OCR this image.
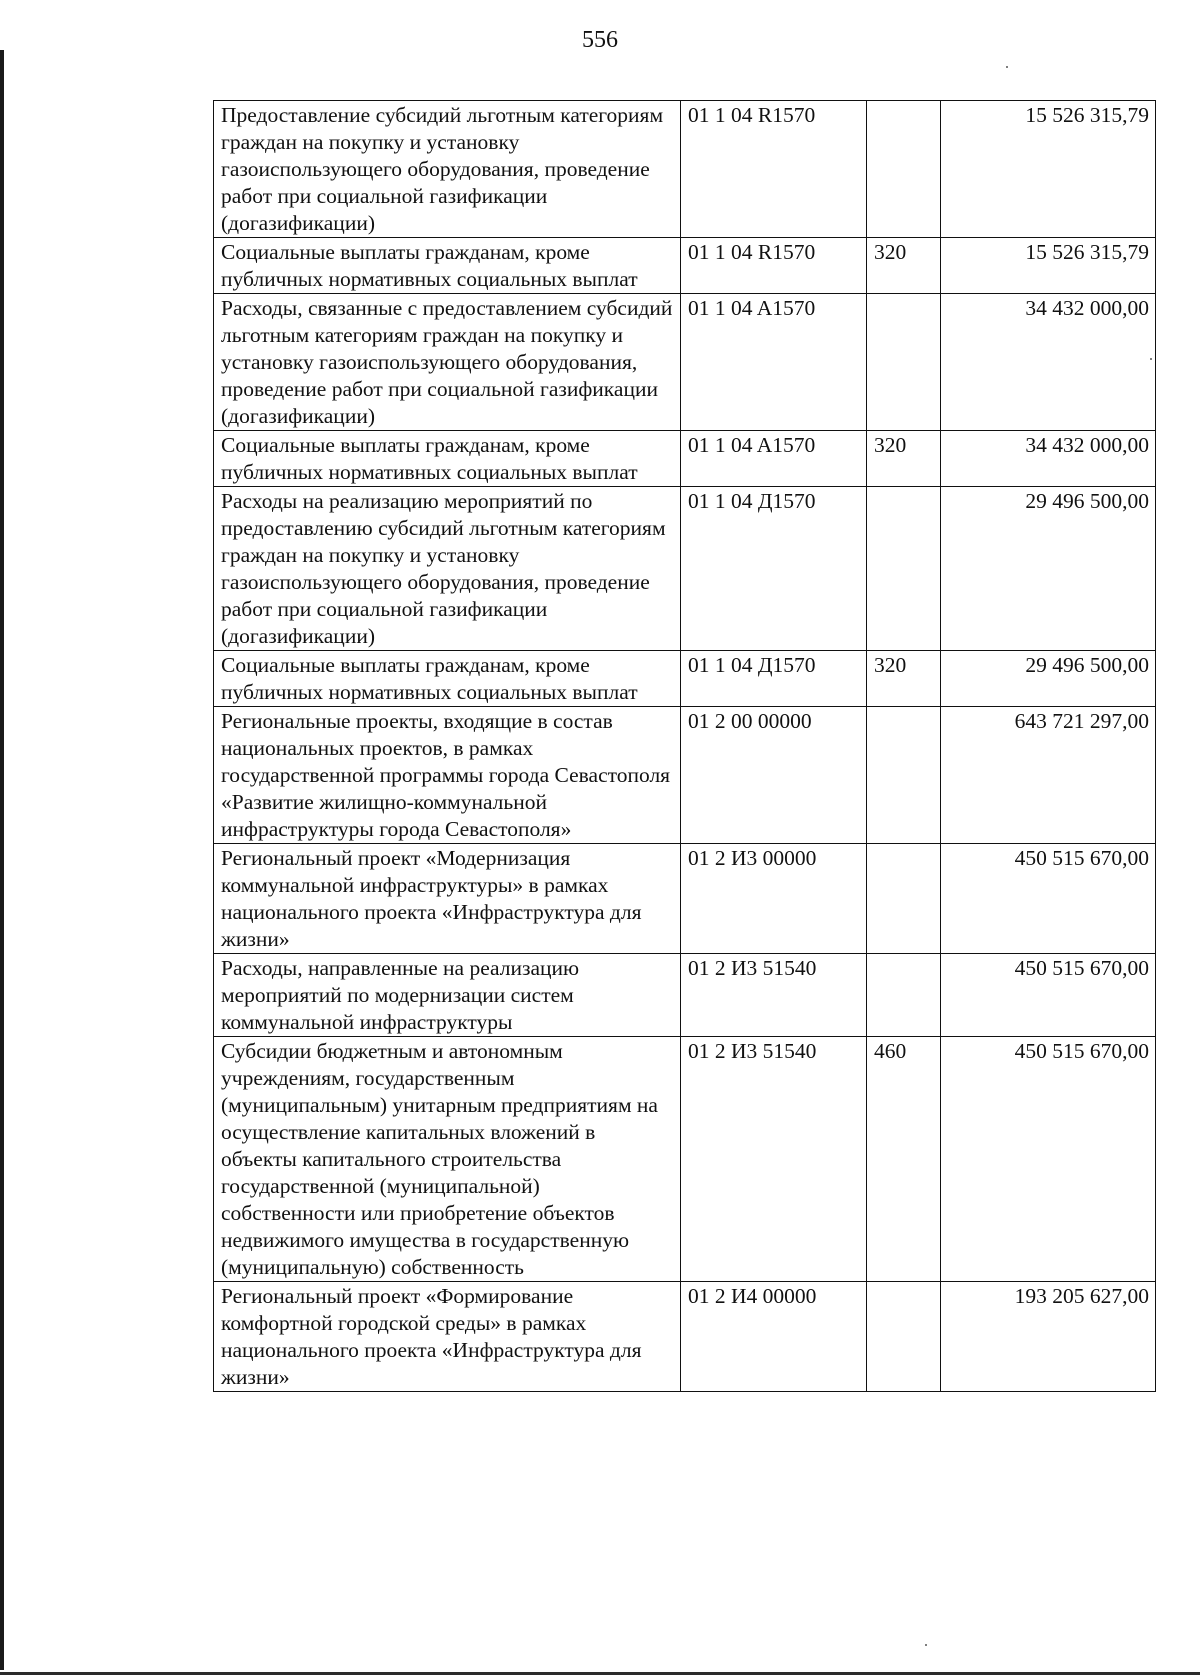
556
Предоставление субсидий льготным категориям граждан на покупку и установку газоиспользующего оборудования, проведение работ при социальной газификации (догазификации)	01 1 04 R1570		15 526 315,79
Социальные выплаты гражданам, кроме публичных нормативных социальных выплат	01 1 04 R1570	320	15 526 315,79
Расходы, связанные с предоставлением субсидий льготным категориям граждан на покупку и установку газоиспользующего оборудования, проведение работ при социальной газификации (догазификации)	01 1 04 A1570		34 432 000,00
Социальные выплаты гражданам, кроме публичных нормативных социальных выплат	01 1 04 A1570	320	34 432 000,00
Расходы на реализацию мероприятий по предоставлению субсидий льготным категориям граждан на покупку и установку газоиспользующего оборудования, проведение работ при социальной газификации (догазификации)	01 1 04 Д1570		29 496 500,00
Социальные выплаты гражданам, кроме публичных нормативных социальных выплат	01 1 04 Д1570	320	29 496 500,00
Региональные проекты, входящие в состав национальных проектов, в рамках государственной программы города Севастополя «Развитие жилищно-коммунальной инфраструктуры города Севастополя»	01 2 00 00000		643 721 297,00
Региональный проект «Модернизация коммунальной инфраструктуры» в рамках национального проекта «Инфраструктура для жизни»	01 2 И3 00000		450 515 670,00
Расходы, направленные на реализацию мероприятий по модернизации систем коммунальной инфраструктуры	01 2 И3 51540		450 515 670,00
Субсидии бюджетным и автономным учреждениям, государственным (муниципальным) унитарным предприятиям на осуществление капитальных вложений в объекты капитального строительства государственной (муниципальной) собственности или приобретение объектов недвижимого имущества в государственную (муниципальную) собственность	01 2 И3 51540	460	450 515 670,00
Региональный проект «Формирование комфортной городской среды» в рамках национального проекта «Инфраструктура для жизни»	01 2 И4 00000		193 205 627,00
